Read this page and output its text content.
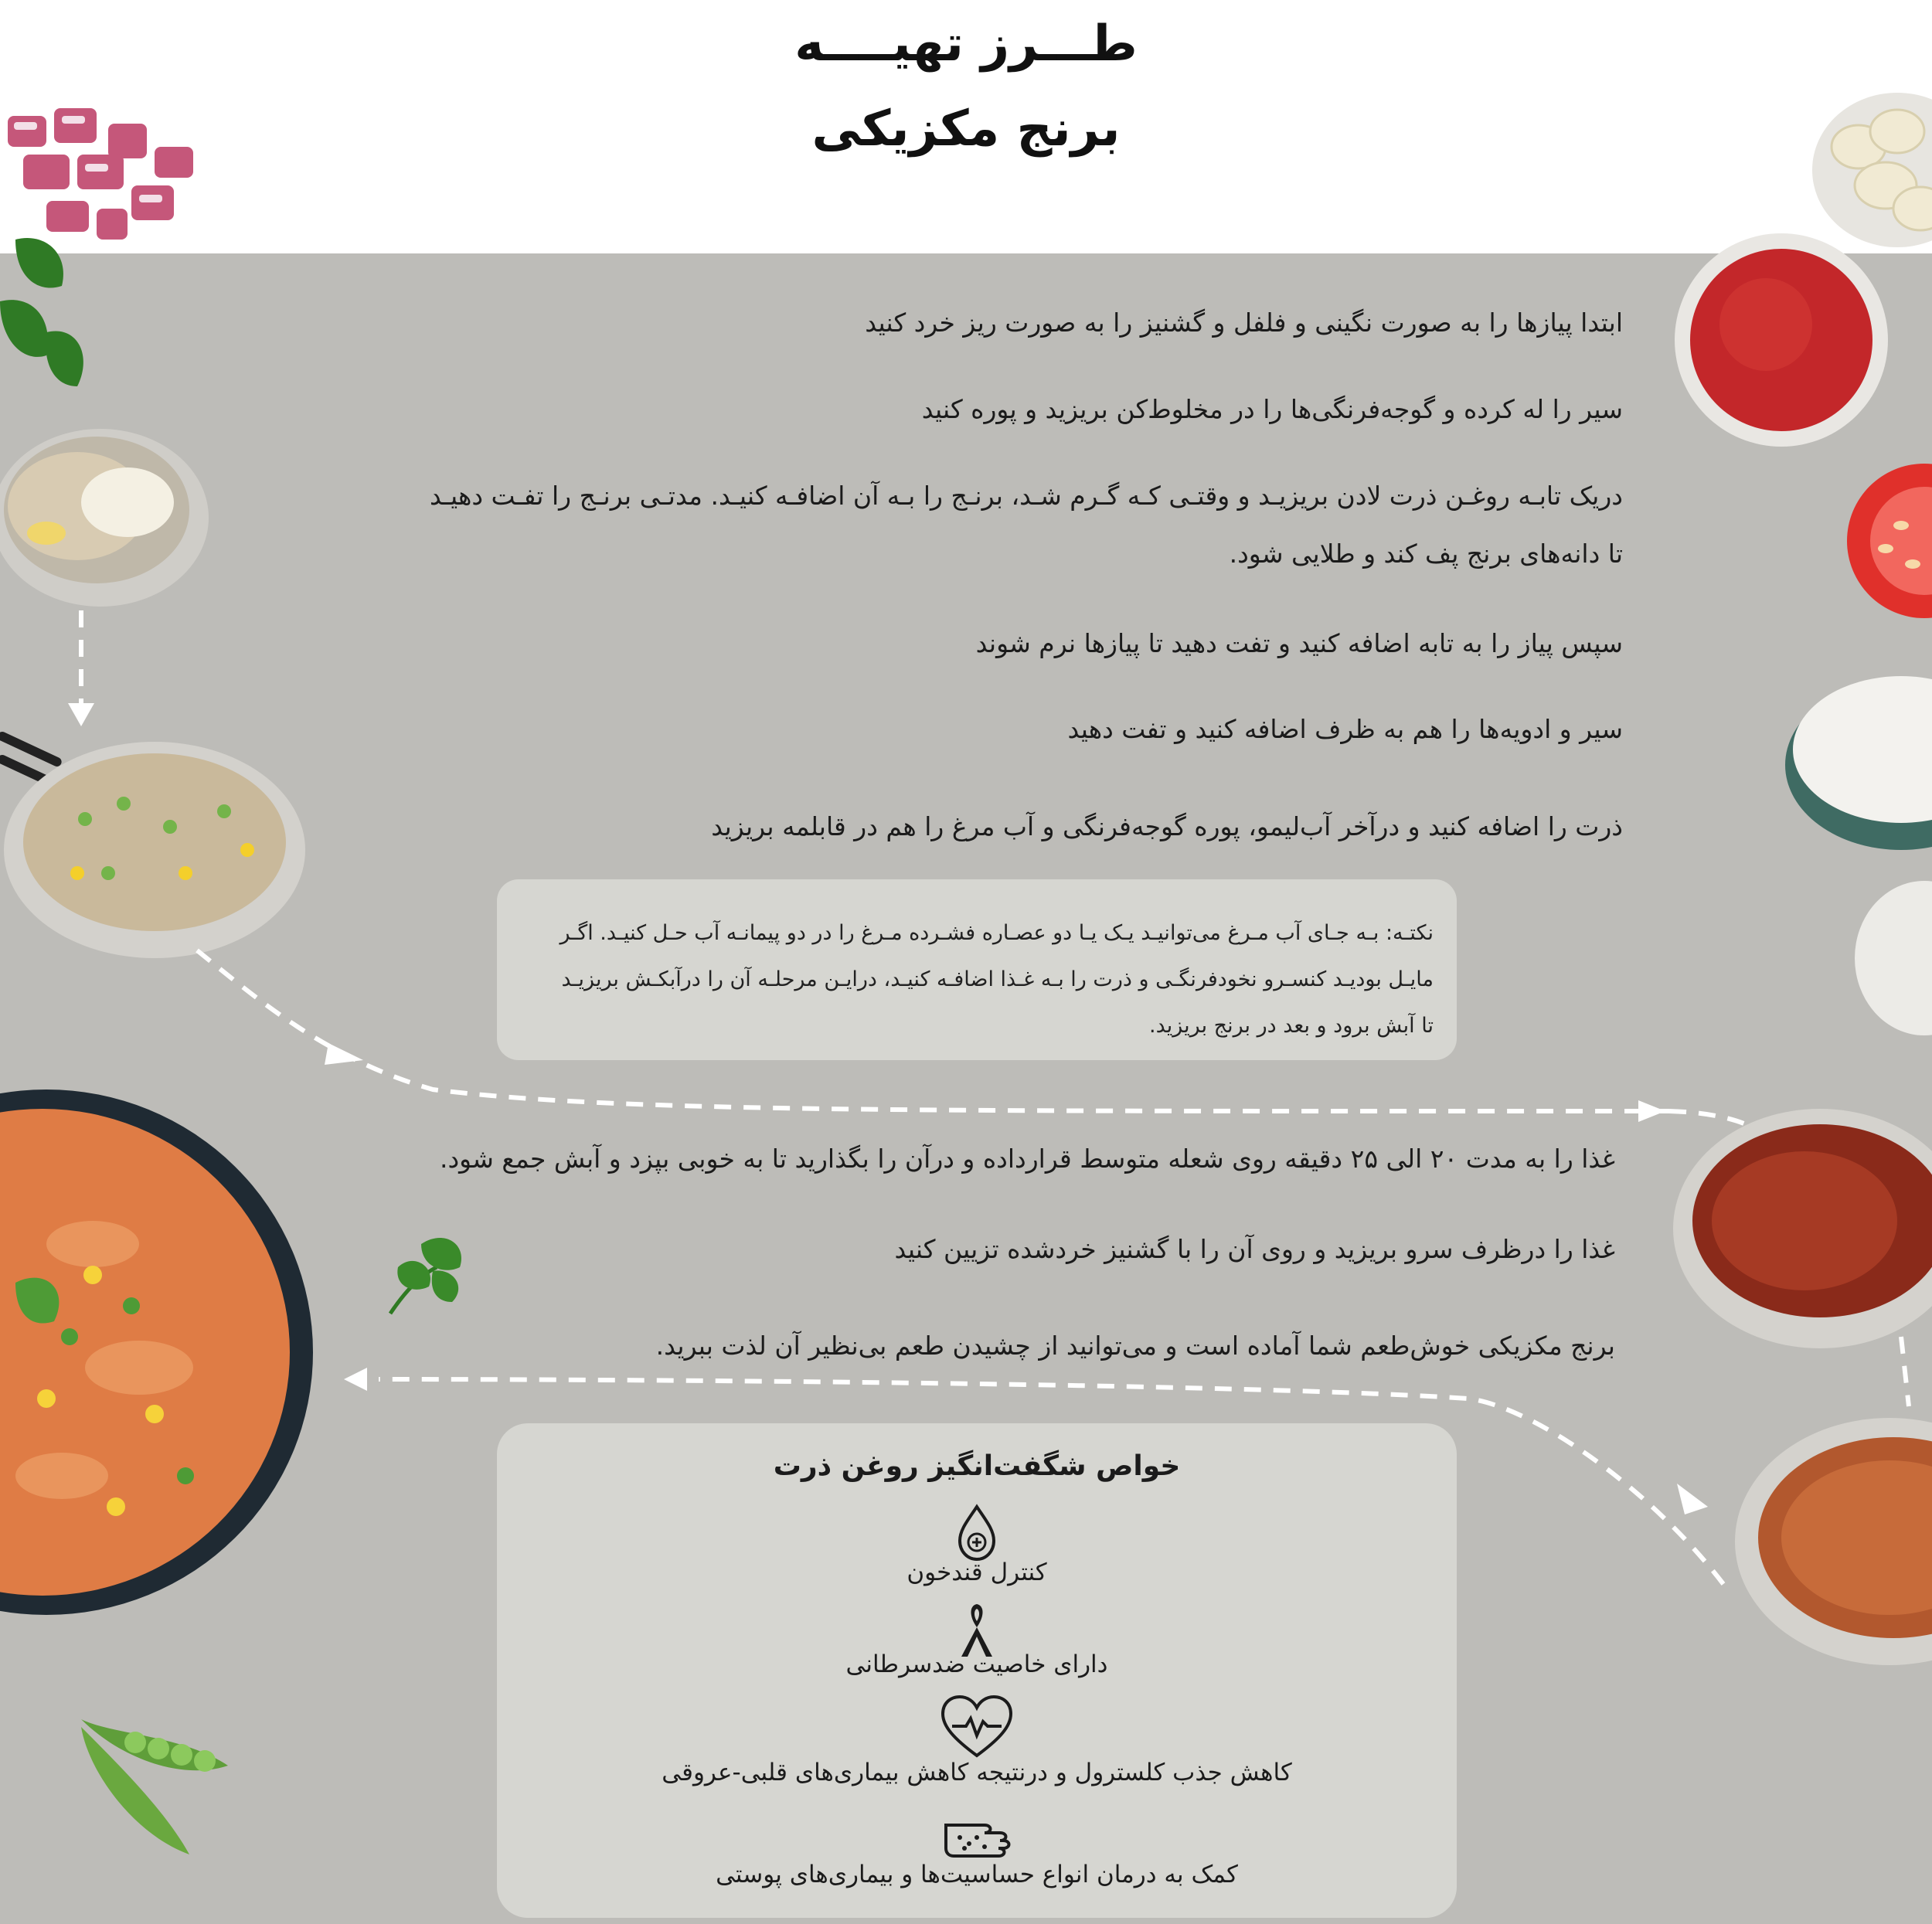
طـــرز تهیــــه
برنج مکزیکی
ابتدا پیازها را به صورت نگینی و فلفل و گشنیز را به صورت ریز خرد کنید
سیر را له کرده و گوجه‌فرنگی‌ها را در مخلوط‌کن بریزید و پوره کنید
دریک تابـه روغـن ذرت لادن بریزیـد و وقتـی کـه گـرم شـد، برنـج را بـه آن اضافـه کنیـد. مدتـی برنـج را تفـت دهیـد
تا دانه‌های برنج پف کند و طلایی شود.
سپس پیاز را به تابه اضافه کنید و تفت دهید تا پیازها نرم شوند
سیر و ادویه‌ها را هم به ظرف اضافه کنید و تفت دهید
ذرت را اضافه کنید و درآخر آب‌لیمو، پوره گوجه‌فرنگی و آب مرغ را هم در قابلمه بریزید
نکتـه: بـه جـای آب مـرغ می‌توانیـد یـک یـا دو عصـاره فشـرده مـرغ را در دو پیمانـه آب حـل کنیـد. اگـر
مایـل بودیـد کنسـرو نخودفرنگـی و ذرت را بـه غـذا اضافـه کنیـد، درایـن مرحلـه آن را درآبکـش بریزیـد
تا آبش برود و بعد در برنج بریزید.
غذا را به مدت ۲۰ الی ۲۵ دقیقه روی شعله متوسط قرارداده و درآن را بگذارید تا به خوبی بپزد و آبش جمع شود.
غذا را درظرف سرو بریزید و روی آن را با گشنیز خردشده تزیین کنید
برنج مکزیکی خوش‌طعم شما آماده است و می‌توانید از چشیدن طعم بی‌نظیر آن لذت ببرید.
خواص شگفت‌انگیز روغن ذرت
کنترل قندخون
دارای خاصیت ضدسرطانی
کاهش جذب کلسترول و درنتیجه کاهش بیماری‌های قلبی-عروقی
کمک به درمان انواع حساسیت‌ها و بیماری‌های پوستی
